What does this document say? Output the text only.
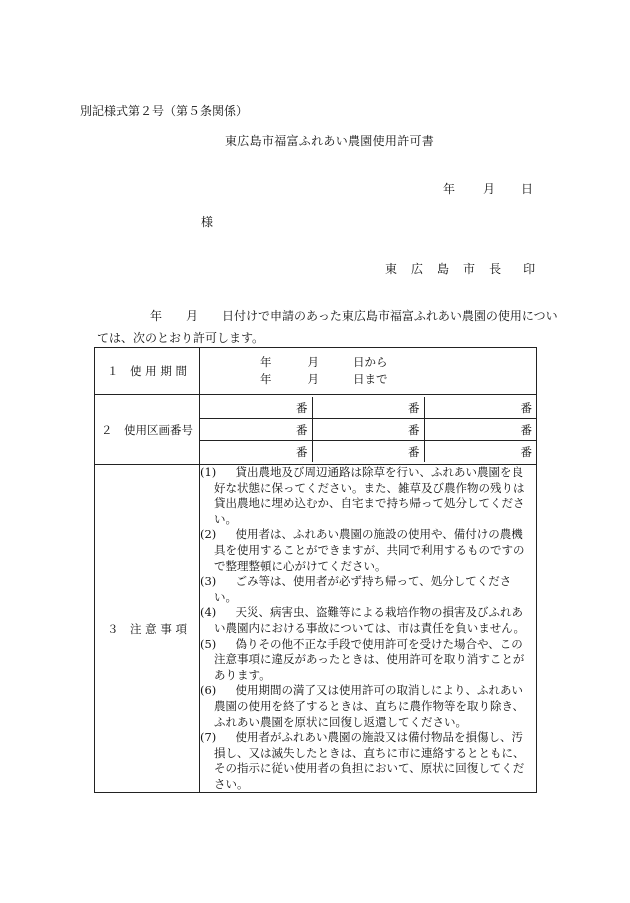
別記様式第２号（第５条関係）
東広島市福富ふれあい農園使用許可書
年 月 日
様
東 広 島 市 長 印
年 月 日付けで申請のあった東広島市福富ふれあい農園の使用につい
ては、次のとおり許可します。
１　使 用 期 間	
年	月	日から
年	月	日まで

２　使用区画番号	
番	番	番
番	番	番
番	番	番

３　注 意 事 項	
(1)　貸出農地及び周辺通路は除草を行い、ふれあい農園を良
好な状態に保ってください。また、雑草及び農作物の残りは
貸出農地に埋め込むか、自宅まで持ち帰って処分してくださ
い。
(2)　使用者は、ふれあい農園の施設の使用や、備付けの農機
具を使用することができますが、共同で利用するものですの
で整理整頓に心がけてください。
(3)　ごみ等は、使用者が必ず持ち帰って、処分してくださ
い。
(4)　天災、病害虫、盗難等による栽培作物の損害及びふれあ
い農園内における事故については、市は責任を負いません。
(5)　偽りその他不正な手段で使用許可を受けた場合や、この
注意事項に違反があったときは、使用許可を取り消すことが
あります。
(6)　使用期間の満了又は使用許可の取消しにより、ふれあい
農園の使用を終了するときは、直ちに農作物等を取り除き、
ふれあい農園を原状に回復し返還してください。
(7)　使用者がふれあい農園の施設又は備付物品を損傷し、汚
損し、又は滅失したときは、直ちに市に連絡するとともに、
その指示に従い使用者の負担において、原状に回復してくだ
さい。
